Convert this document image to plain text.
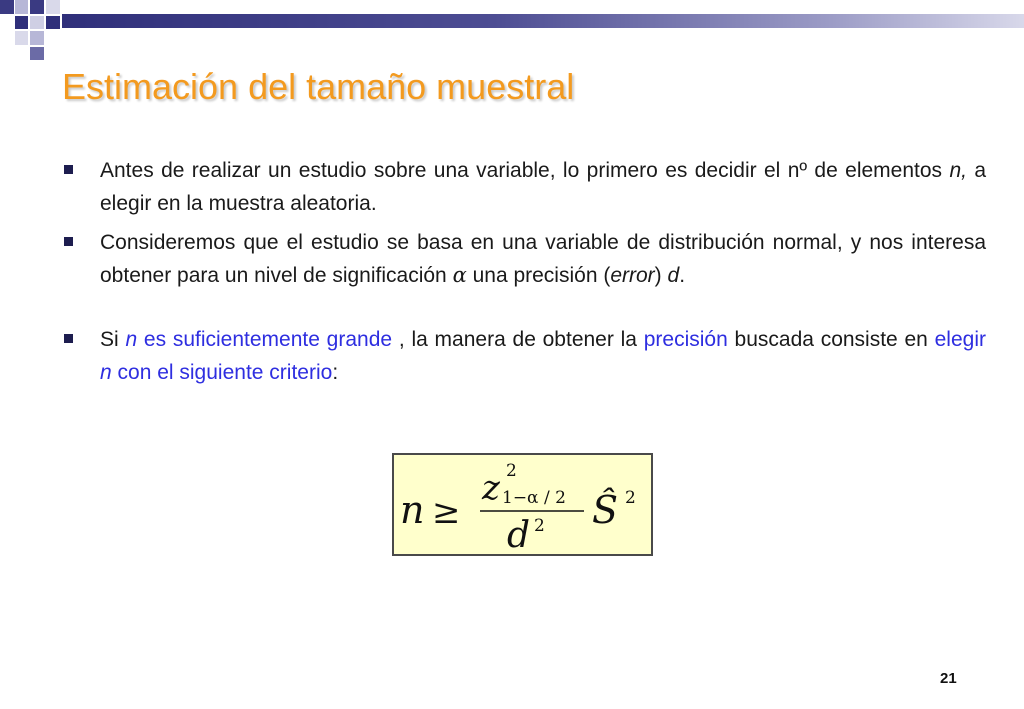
Estimación del tamaño muestral
Antes de realizar un estudio sobre una variable, lo primero es decidir el nº de elementos n, a elegir en la muestra aleatoria.
Consideremos que el estudio se basa en una variable de distribución normal, y nos interesa obtener para un nivel de significación α una precisión (error) d.
Si n es suficientemente grande , la manera de obtener la precisión buscada consiste en elegir n con el siguiente criterio:
n ≥
z 2
1−α / 2
d 2 Ŝ 2
21
